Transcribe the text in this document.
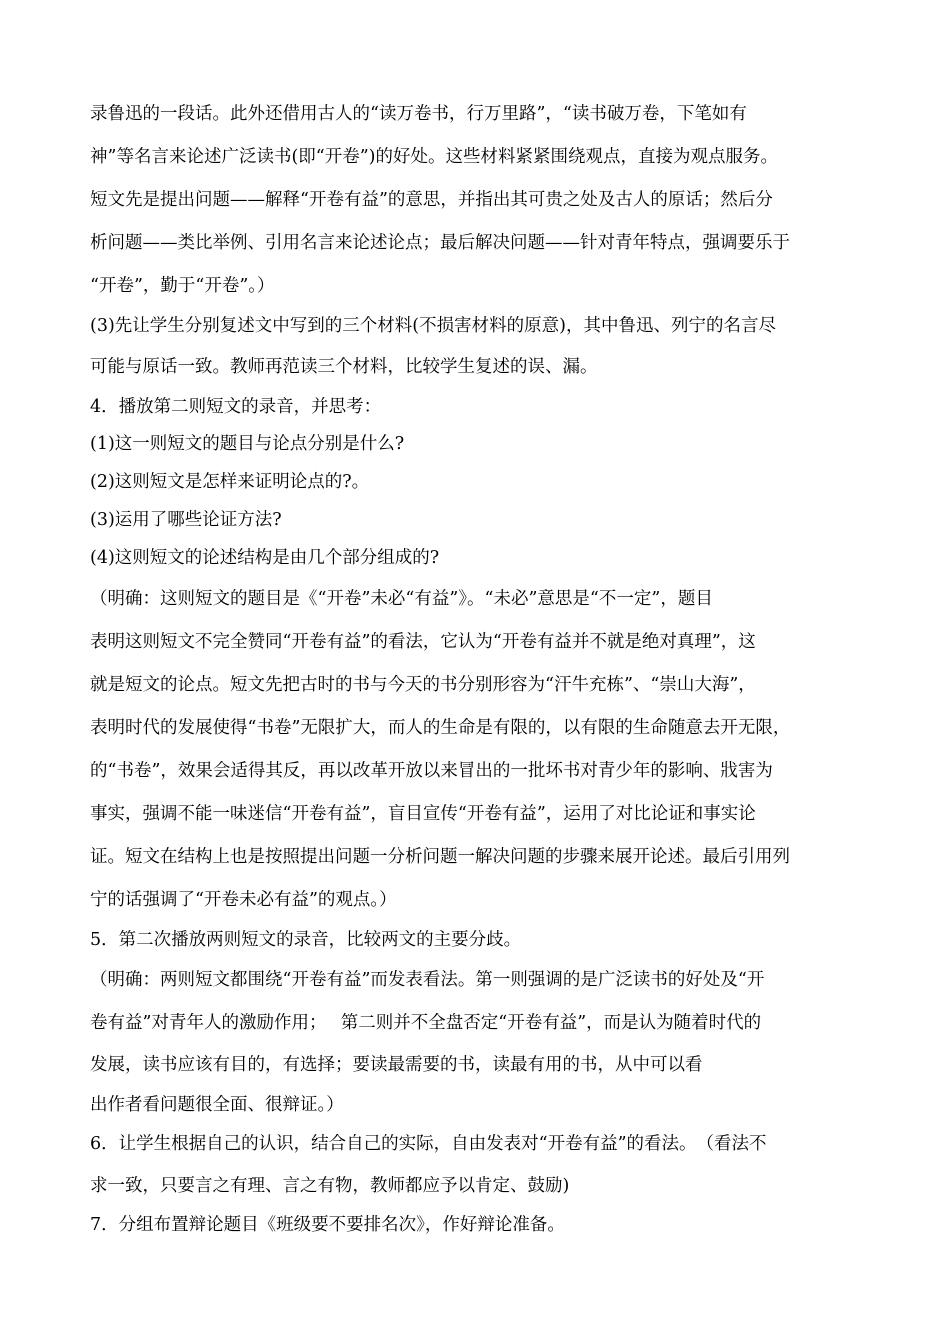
录鲁迅的一段话。此外还借用古人的“读万卷书，行万里路”，“读书破万卷，下笔如有
神”等名言来论述广泛读书(即“开卷”)的好处。这些材料紧紧围绕观点，直接为观点服务。
短文先是提出问题——解释“开卷有益”的意思，并指出其可贵之处及古人的原话；然后分
析问题——类比举例、引用名言来论述论点；最后解决问题——针对青年特点，强调要乐于
“开卷”，勤于“开卷”。）
(3)先让学生分别复述文中写到的三个材料(不损害材料的原意)，其中鲁迅、列宁的名言尽
可能与原话一致。教师再范读三个材料，比较学生复述的误、漏。
4．播放第二则短文的录音，并思考：
(1)这一则短文的题目与论点分别是什么?
(2)这则短文是怎样来证明论点的?。
(3)运用了哪些论证方法?
(4)这则短文的论述结构是由几个部分组成的?
（明确：这则短文的题目是《“开卷”未必“有益”》。“未必”意思是“不一定”，题目
表明这则短文不完全赞同“开卷有益”的看法，它认为“开卷有益并不就是绝对真理”，这
就是短文的论点。短文先把古时的书与今天的书分别形容为“汗牛充栋”、“崇山大海”，
表明时代的发展使得“书卷”无限扩大，而人的生命是有限的，以有限的生命随意去开无限，
的“书卷”，效果会适得其反，再以改革开放以来冒出的一批坏书对青少年的影响、戕害为
事实，强调不能一味迷信“开卷有益”，盲目宣传“开卷有益”，运用了对比论证和事实论
证。短文在结构上也是按照提出问题一分析问题一解决问题的步骤来展开论述。最后引用列
宁的话强调了“开卷未必有益”的观点。）
5．第二次播放两则短文的录音，比较两文的主要分歧。
（明确：两则短文都围绕“开卷有益”而发表看法。第一则强调的是广泛读书的好处及“开
卷有益”对青年人的激励作用；　 第二则并不全盘否定“开卷有益”，而是认为随着时代的
发展，读书应该有目的，有选择；要读最需要的书，读最有用的书，从中可以看
出作者看问题很全面、很辩证。）
6．让学生根据自己的认识，结合自己的实际，自由发表对“开卷有益”的看法。　（看法不
求一致，只要言之有理、言之有物，教师都应予以肯定、鼓励)
7．分组布置辩论题目《班级要不要排名次》，作好辩论准备。
